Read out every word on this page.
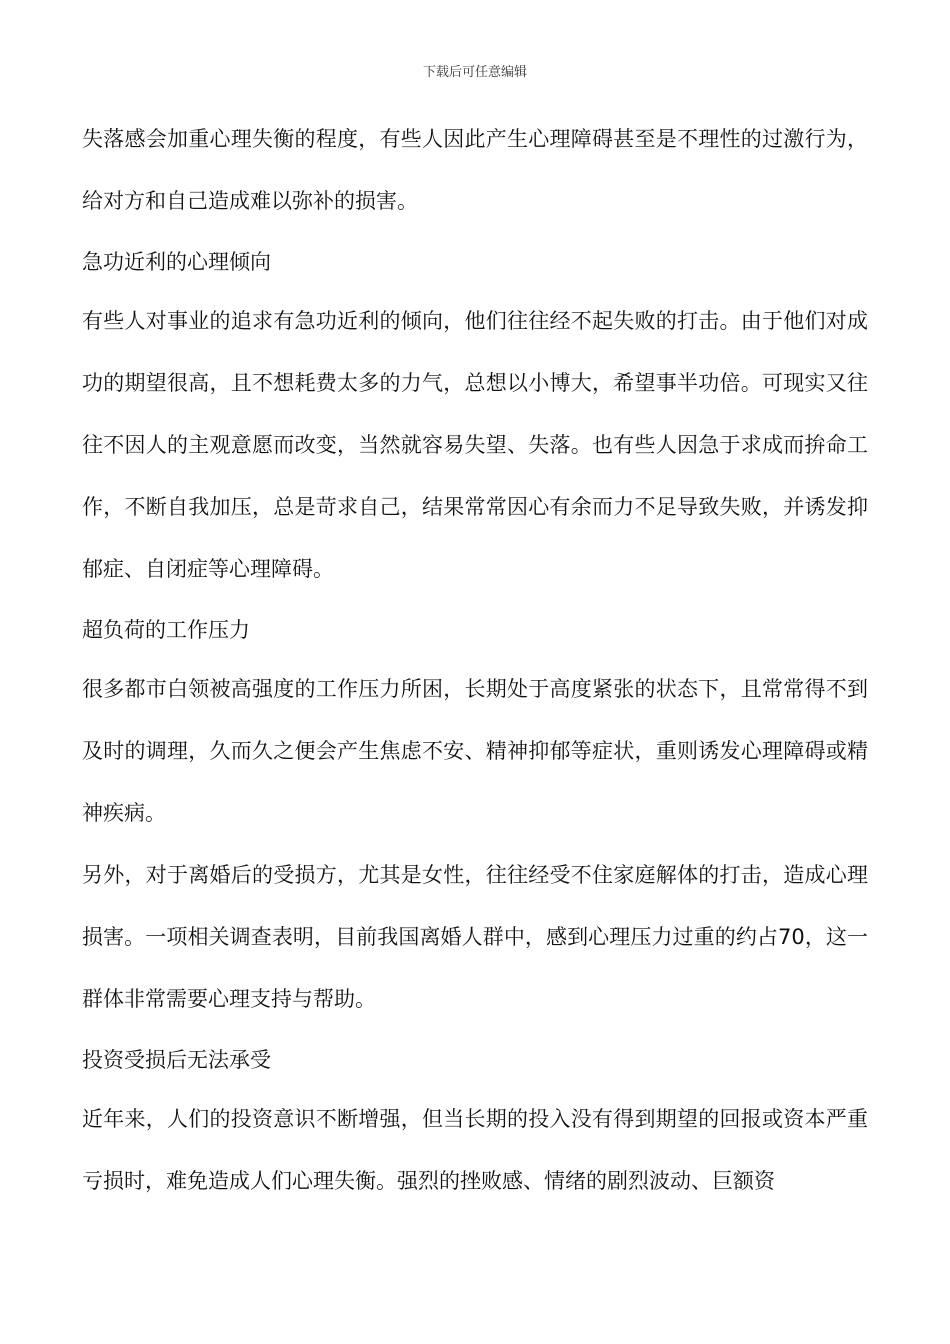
下载后可任意编辑

失落感会加重心理失衡的程度，有些人因此产生心理障碍甚至是不理性的过激行为，给对方和自己造成难以弥补的损害。

急功近利的心理倾向

有些人对事业的追求有急功近利的倾向，他们往往经不起失败的打击。由于他们对成功的期望很高，且不想耗费太多的力气，总想以小博大，希望事半功倍。可现实又往往不因人的主观意愿而改变，当然就容易失望、失落。也有些人因急于求成而拚命工作，不断自我加压，总是苛求自己，结果常常因心有余而力不足导致失败，并诱发抑郁症、自闭症等心理障碍。

超负荷的工作压力

很多都市白领被高强度的工作压力所困，长期处于高度紧张的状态下，且常常得不到及时的调理，久而久之便会产生焦虑不安、精神抑郁等症状，重则诱发心理障碍或精神疾病。

另外，对于离婚后的受损方，尤其是女性，往往经受不住家庭解体的打击，造成心理损害。一项相关调查表明，目前我国离婚人群中，感到心理压力过重的约占70，这一群体非常需要心理支持与帮助。

投资受损后无法承受

近年来，人们的投资意识不断增强，但当长期的投入没有得到期望的回报或资本严重亏损时，难免造成人们心理失衡。强烈的挫败感、情绪的剧烈波动、巨额资
